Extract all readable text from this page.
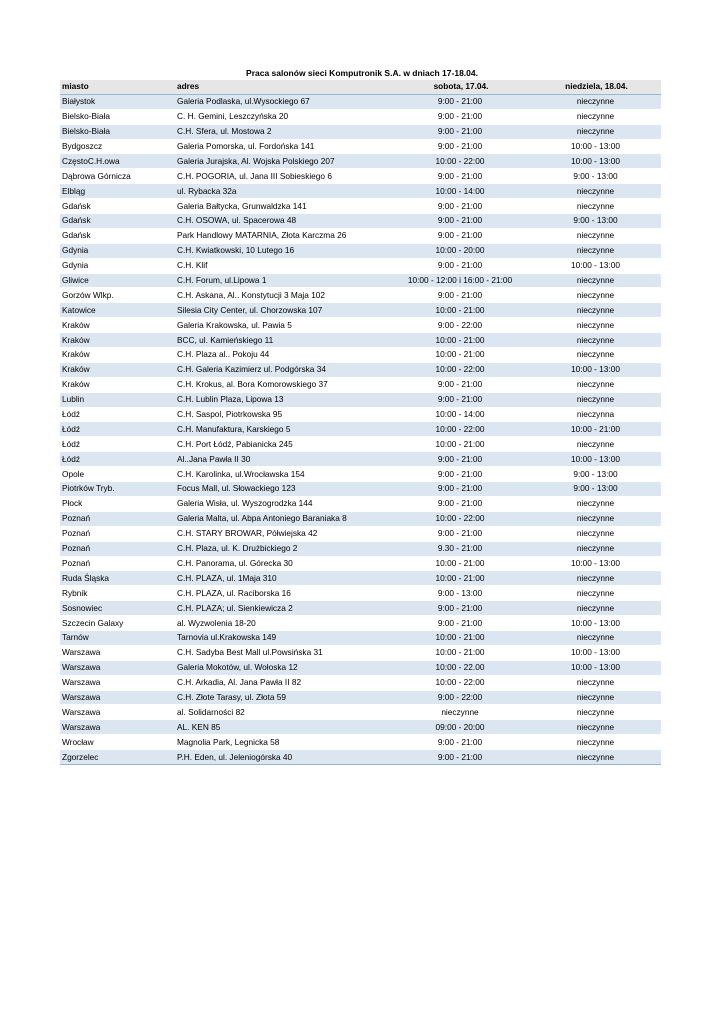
Praca salonów sieci Komputronik S.A. w dniach 17-18.04.
miasto	adres	sobota, 17.04.	niedziela, 18.04.
Białystok	Galeria Podlaska, ul.Wysockiego 67	9:00 - 21:00	nieczynne
Bielsko-Biała	C. H. Gemini, Leszczyńska 20	9:00 - 21:00	nieczynne
Bielsko-Biała	C.H. Sfera, ul. Mostowa 2	9:00 - 21:00	nieczynne
Bydgoszcz	Galeria Pomorska, ul. Fordońska 141	9:00 - 21:00	10:00 - 13:00
CzęstoC.H.owa	Galeria Jurajska, Al. Wojska Polskiego 207	10:00 - 22:00	10:00 - 13:00
Dąbrowa Górnicza	C.H. POGORIA, ul. Jana III Sobieskiego 6	9:00 - 21:00	9:00 - 13:00
Elbląg	ul. Rybacka 32a	10:00 - 14:00	nieczynne
Gdańsk	Galeria Bałtycka, Grunwaldzka 141	9:00 - 21:00	nieczynne
Gdańsk	C.H. OSOWA, ul. Spacerowa 48	9:00 - 21:00	9:00 - 13:00
Gdańsk	Park Handlowy MATARNIA, Złota Karczma 26	9:00 - 21:00	nieczynne
Gdynia	C.H. Kwiatkowski, 10 Lutego 16	10:00 - 20:00	nieczynne
Gdynia	C.H. Klif	9:00 - 21:00	10:00 - 13:00
Gliwice	C.H. Forum, ul.Lipowa 1	10:00 - 12:00 i 16:00 - 21:00	nieczynne
Gorzów Wlkp.	C.H. Askana, Al.. Konstytucji 3 Maja 102	9:00 - 21:00	nieczynne
Katowice	Silesia City Center, ul. Chorzowska 107	10:00 - 21:00	nieczynne
Kraków	Galeria Krakowska, ul. Pawia 5	9:00 - 22:00	nieczynne
Kraków	BCC, ul. Kamieńskiego 11	10:00 - 21:00	nieczynne
Kraków	C.H. Plaza al.. Pokoju 44	10:00 - 21:00	nieczynne
Kraków	C.H. Galeria Kazimierz ul. Podgórska 34	10:00 - 22:00	10:00 - 13:00
Kraków	C.H. Krokus, al. Bora Komorowskiego 37	9:00 - 21:00	nieczynne
Lublin	C.H. Lublin Plaza, Lipowa 13	9:00 - 21:00	nieczynne
Łódź	C.H. Saspol, Piotrkowska 95	10:00 - 14:00	nieczynna
Łódź	C.H. Manufaktura, Karskiego 5	10:00 - 22:00	10:00 - 21:00
Łódź	C.H. Port Łódź, Pabianicka 245	10:00 - 21:00	nieczynne
Łódź	Al..Jana Pawła II 30	9:00 - 21:00	10:00 - 13:00
Opole	C.H. Karolinka, ul.Wrocławska 154	9:00 - 21:00	9:00 - 13:00
Piotrków Tryb.	Focus Mall, ul. Słowackiego 123	9:00 - 21:00	9:00 - 13:00
Płock	Galeria Wisła, ul. Wyszogrodzka 144	9:00 - 21:00	nieczynne
Poznań	Galeria Malta, ul. Abpa Antoniego Baraniaka 8	10:00 - 22:00	nieczynne
Poznań	C.H. STARY BROWAR, Półwiejska 42	9:00 - 21:00	nieczynne
Poznań	C.H. Plaza, ul. K. Drużbickiego 2	9.30 - 21:00	nieczynne
Poznań	C.H. Panorama, ul. Górecka 30	10:00 - 21:00	10:00 - 13:00
Ruda Śląska	C.H. PLAZA, ul. 1Maja 310	10:00 - 21:00	nieczynne
Rybnik	C.H. PLAZA, ul. Raciborska 16	9:00 - 13:00	nieczynne
Sosnowiec	C.H. PLAZA; ul. Sienkiewicza 2	9:00 - 21:00	nieczynne
Szczecin Galaxy	al. Wyzwolenia 18-20	9:00 - 21:00	10:00 - 13:00
Tarnów	Tarnovia ul.Krakowska 149	10:00 - 21:00	nieczynne
Warszawa	C.H. Sadyba Best Mall ul.Powsińska 31	10:00 - 21:00	10:00 - 13:00
Warszawa	Galeria Mokotów, ul. Wołoska 12	10:00 - 22.00	10:00 - 13:00
Warszawa	C.H. Arkadia, Al. Jana Pawła II 82	10:00 - 22:00	nieczynne
Warszawa	C.H. Złote Tarasy, ul. Złota 59	9:00 - 22:00	nieczynne
Warszawa	al. Solidarności 82	nieczynne	nieczynne
Warszawa	AL. KEN 85	09:00 - 20:00	nieczynne
Wrocław	Magnolia Park, Legnicka 58	9:00 - 21:00	nieczynne
Zgorzelec	P.H. Eden, ul. Jeleniogórska 40	9:00 - 21:00	nieczynne
